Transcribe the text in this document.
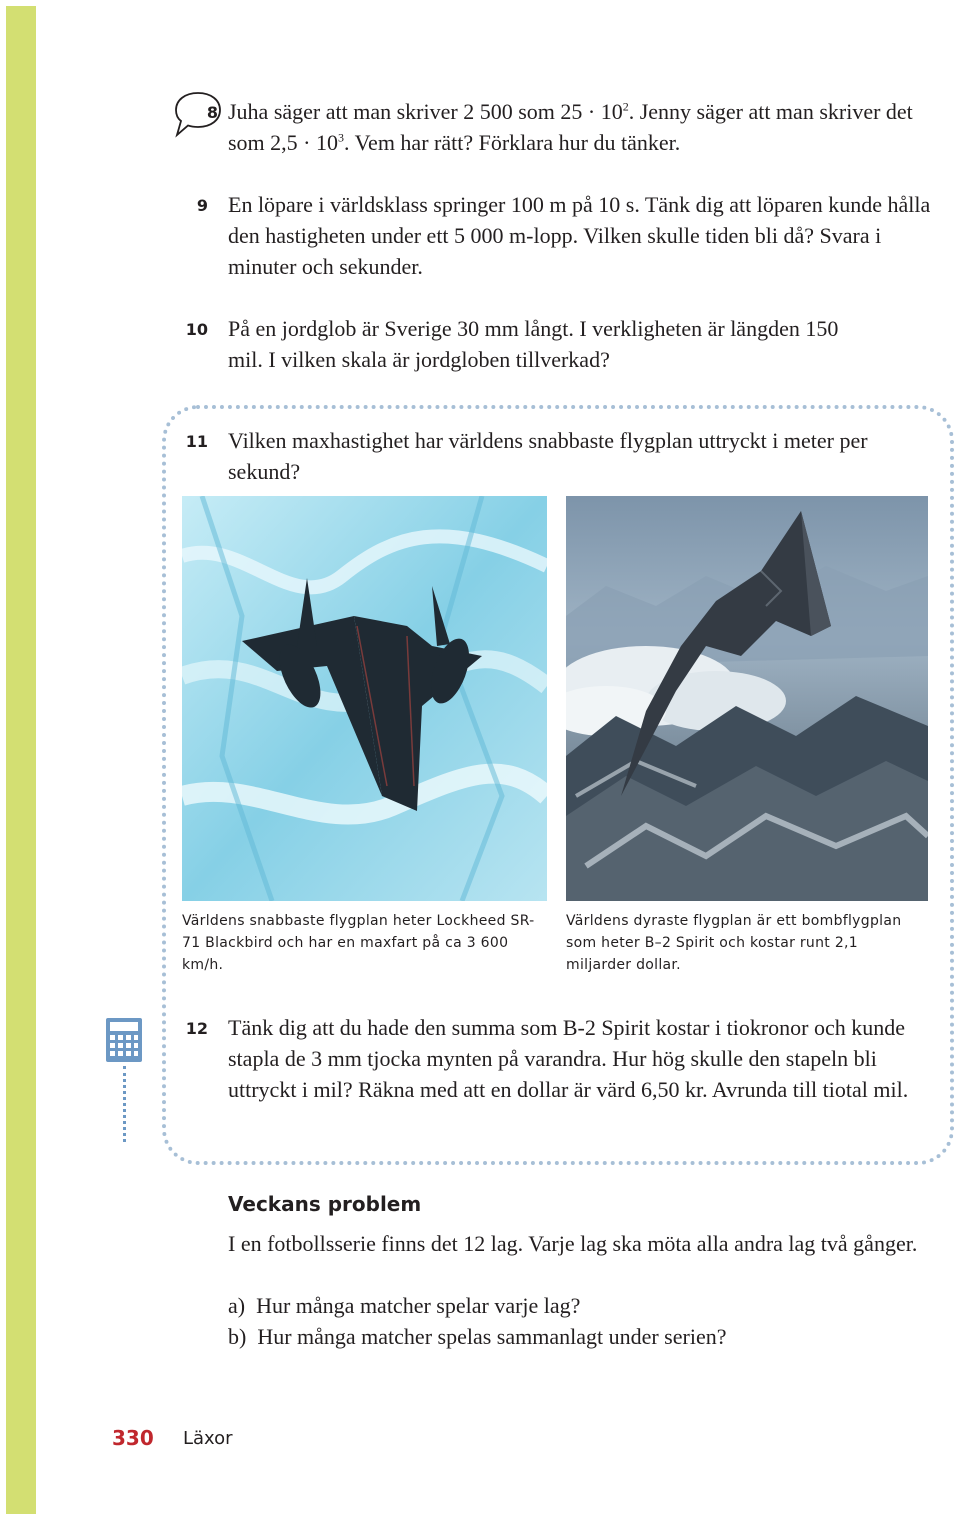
8 Juha säger att man skriver 2 500 som $25 \cdot 10^2$. Jenny säger att man skriver det som $2,5 \cdot 10^3$. Vem har rätt? Förklara hur du tänker.

9 En löpare i världsklass springer 100 m på 10 s. Tänk dig att löparen kunde hålla den hastigheten under ett 5 000 m-lopp. Vilken skulle tiden bli då? Svara i minuter och sekunder.

10 På en jordglob är Sverige 30 mm långt. I verkligheten är längden 150 mil. I vilken skala är jordgloben tillverkad?

11 Vilken maxhastighet har världens snabbaste flygplan uttryckt i meter per sekund?

Världens snabbaste flygplan heter Lockheed SR-71 Blackbird och har en maxfart på ca 3 600 km/h.

Världens dyraste flygplan är ett bombflygplan som heter B–2 Spirit och kostar runt 2,1 miljarder dollar.

12 Tänk dig att du hade den summa som B-2 Spirit kostar i tiokronor och kunde stapla de 3 mm tjocka mynten på varandra. Hur hög skulle den stapeln bli uttryckt i mil? Räkna med att en dollar är värd 6,50 kr. Avrunda till tiotal mil.

Veckans problem

I en fotbollsserie finns det 12 lag. Varje lag ska möta alla andra lag två gånger.

a)  Hur många matcher spelar varje lag?

b)  Hur många matcher spelas sammanlagt under serien?

330 Läxor
